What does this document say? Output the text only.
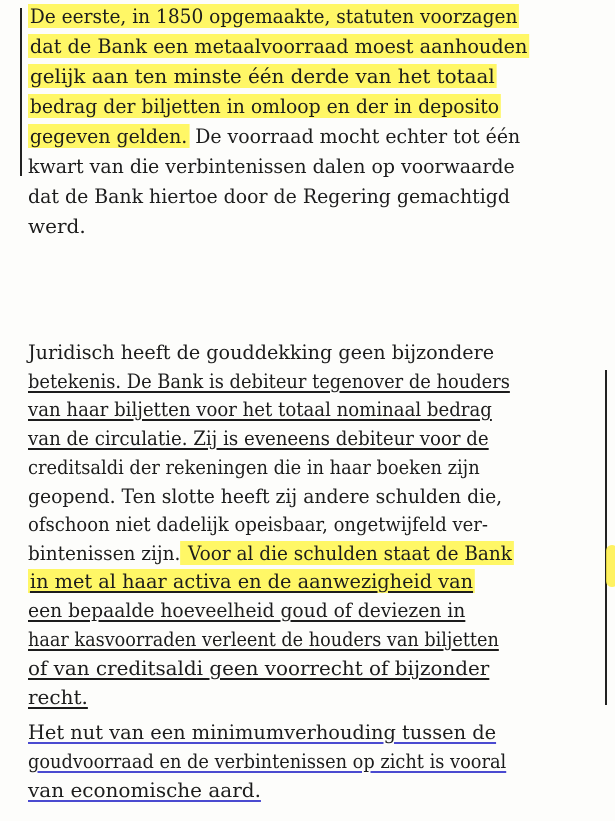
De eerste, in 1850 opgemaakte, statuten voorzagen
dat de Bank een metaalvoorraad moest aanhouden
gelijk aan ten minste één derde van het totaal
bedrag der biljetten in omloop en der in deposito
gegeven gelden. De voorraad mocht echter tot één
kwart van die verbintenissen dalen op voorwaarde
dat de Bank hiertoe door de Regering gemachtigd
werd.
Juridisch heeft de gouddekking geen bijzondere
betekenis. De Bank is debiteur tegenover de houders
van haar biljetten voor het totaal nominaal bedrag
van de circulatie. Zij is eveneens debiteur voor de
creditsaldi der rekeningen die in haar boeken zijn
geopend. Ten slotte heeft zij andere schulden die,
ofschoon niet dadelijk opeisbaar, ongetwijfeld ver-
bintenissen zijn. Voor al die schulden staat de Bank
in met al haar activa en de aanwezigheid van
een bepaalde hoeveelheid goud of deviezen in
haar kasvoorraden verleent de houders van biljetten
of van creditsaldi geen voorrecht of bijzonder
recht.
Het nut van een minimumverhouding tussen de
goudvoorraad en de verbintenissen op zicht is vooral
van economische aard.
